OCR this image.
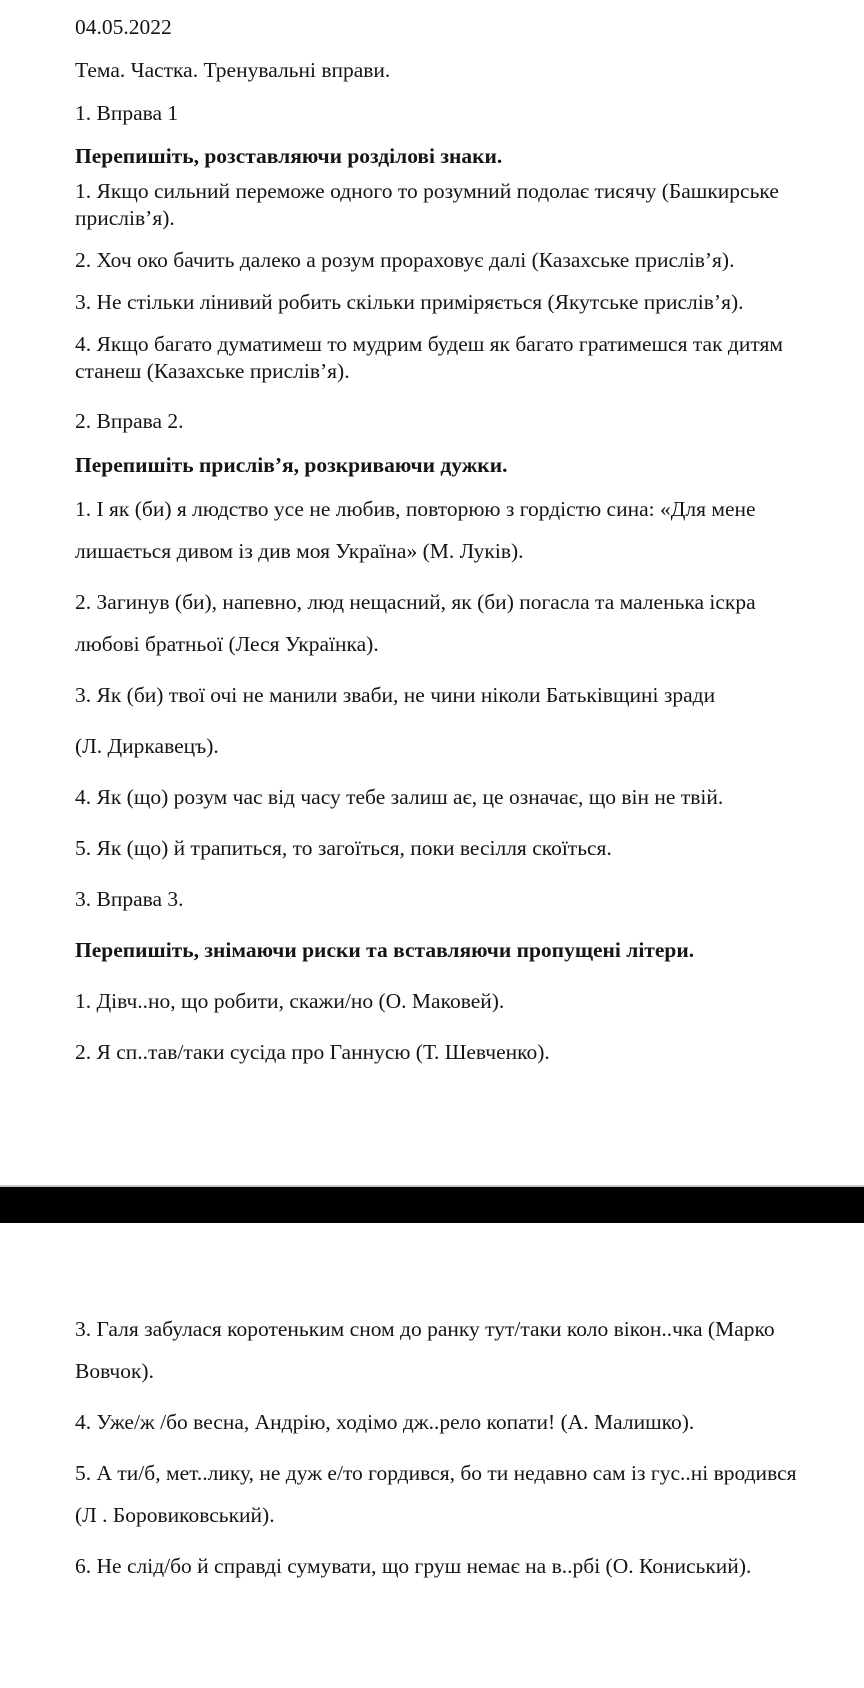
04.05.2022
Тема. Частка. Тренувальні вправи.
1. Вправа 1
Перепишіть, розставляючи розділові знаки.
1. Якщо сильний переможе одного то розумний подолає тисячу (Башкирське
прислів’я).
2. Хоч око бачить далеко а розум прораховує далі (Казахське прислів’я).
3. Не стільки лінивий робить скільки приміряється (Якутське прислів’я).
4. Якщо багато думатимеш то мудрим будеш як багато гратимешся так дитям
станеш (Казахське прислів’я).
2. Вправа 2.
Перепишіть прислів’я, розкриваючи дужки.
1. І як (би) я людство усе не любив, повторюю з гордістю сина: «Для мене
лишається дивом із див моя Україна» (М. Луків).
2. Загинув (би), напевно, люд нещасний, як (би) погасла та маленька іскра
любові братньої (Леся Українка).
3. Як (би) твої очі не манили зваби, не чини ніколи Батьківщині зради
(Л. Диркавецъ).
4. Як (що) розум час від часу тебе залиш ає, це означає, що він не твій.
5. Як (що) й трапиться, то загоїться, поки весілля скоїться.
3. Вправа 3.
Перепишіть, знімаючи риски та вставляючи пропущені літери.
1. Дівч..но, що робити, скажи/но (О. Маковей).
2. Я сп..тав/таки сусіда про Ганнусю (Т. Шевченко).
3. Галя забулася коротеньким сном до ранку тут/таки коло вікон..чка (Марко
Вовчок).
4. Уже/ж /бо весна, Андрію, ходімо дж..рело копати! (А. Малишко).
5. А ти/б, мет..лику, не дуж е/то гордився, бо ти недавно сам із гус..ні вродився
(Л . Боровиковський).
6. Не слід/бо й справді сумувати, що груш немає на в..рбі (О. Кониський).
